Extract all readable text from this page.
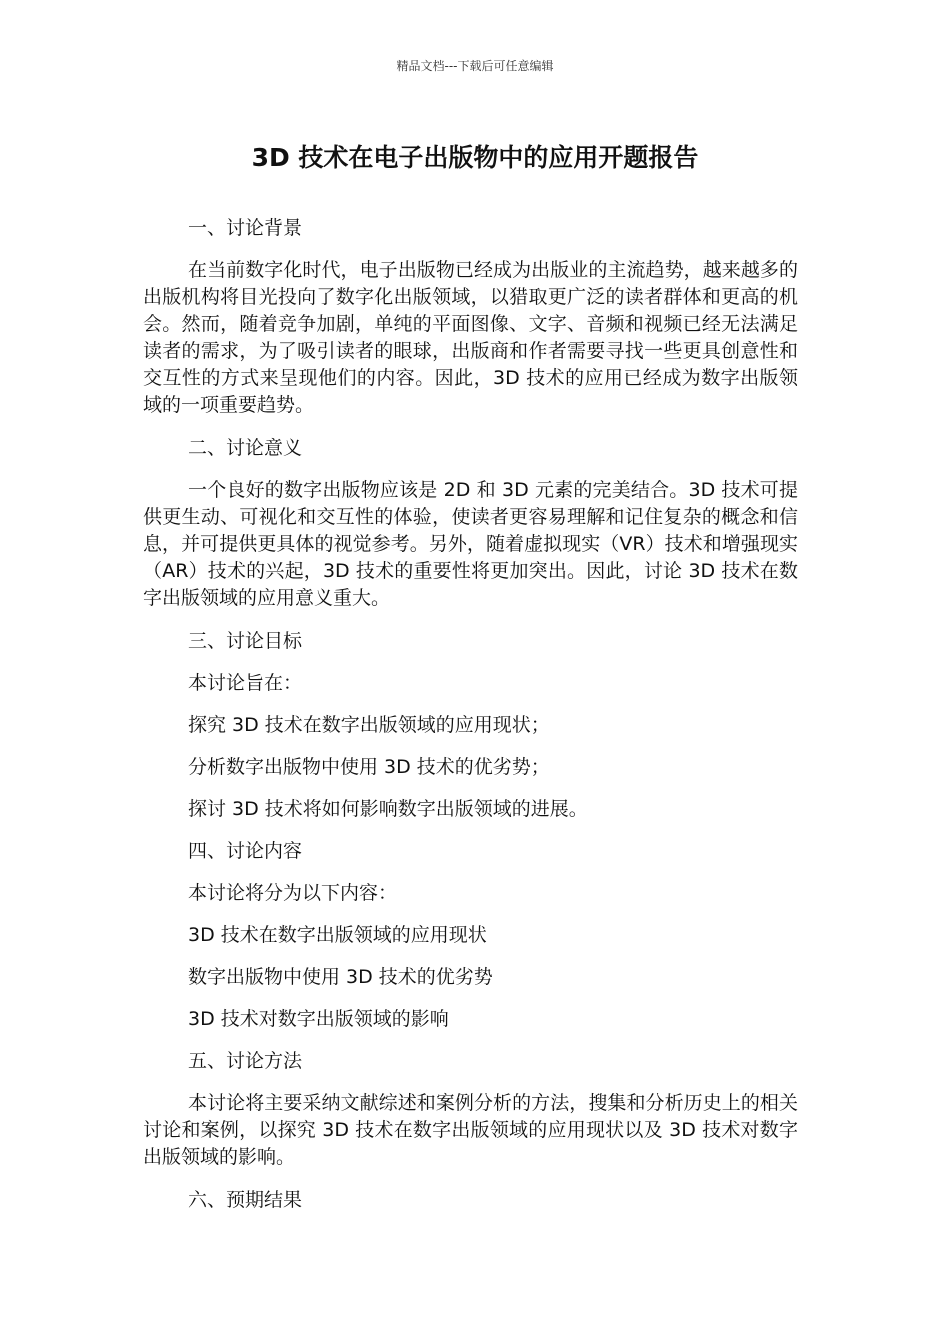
精品文档---下载后可任意编辑
3D 技术在电子出版物中的应用开题报告
一、讨论背景

在当前数字化时代，电子出版物已经成为出版业的主流趋势，越来越多的出版机构将目光投向了数字化出版领域，以猎取更广泛的读者群体和更高的机会。然而，随着竞争加剧，单纯的平面图像、文字、音频和视频已经无法满足读者的需求，为了吸引读者的眼球，出版商和作者需要寻找一些更具创意性和交互性的方式来呈现他们的内容。因此，3D 技术的应用已经成为数字出版领域的一项重要趋势。

二、讨论意义

一个良好的数字出版物应该是 2D 和 3D 元素的完美结合。3D 技术可提供更生动、可视化和交互性的体验，使读者更容易理解和记住复杂的概念和信息，并可提供更具体的视觉参考。另外，随着虚拟现实（VR）技术和增强现实（AR）技术的兴起，3D 技术的重要性将更加突出。因此，讨论 3D 技术在数字出版领域的应用意义重大。

三、讨论目标
本讨论旨在：
探究 3D 技术在数字出版领域的应用现状；
分析数字出版物中使用 3D 技术的优劣势；
探讨 3D 技术将如何影响数字出版领域的进展。
四、讨论内容
本讨论将分为以下内容：
3D 技术在数字出版领域的应用现状
数字出版物中使用 3D 技术的优劣势
3D 技术对数字出版领域的影响
五、讨论方法

本讨论将主要采纳文献综述和案例分析的方法，搜集和分析历史上的相关讨论和案例，以探究 3D 技术在数字出版领域的应用现状以及 3D 技术对数字出版领域的影响。

六、预期结果
